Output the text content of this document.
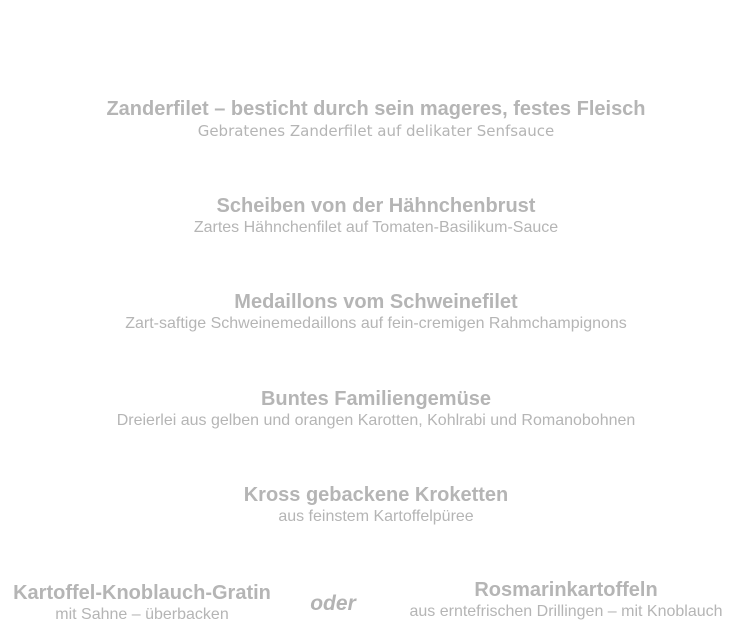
Zanderfilet – besticht durch sein mageres, festes Fleisch
Gebratenes Zanderfilet auf delikater Senfsauce
Scheiben von der Hähnchenbrust
Zartes Hähnchenfilet auf Tomaten-Basilikum-Sauce
Medaillons vom Schweinefilet
Zart-saftige Schweinemedaillons auf fein-cremigen Rahmchampignons
Buntes Familiengemüse
Dreierlei aus gelben und orangen Karotten, Kohlrabi und Romanobohnen
Kross gebackene Kroketten
aus feinstem Kartoffelpüree
Kartoffel-Knoblauch-Gratin
mit Sahne – überbacken	oder
Rosmarinkartoffeln
aus erntefrischen Drillingen – mit Knoblauch
